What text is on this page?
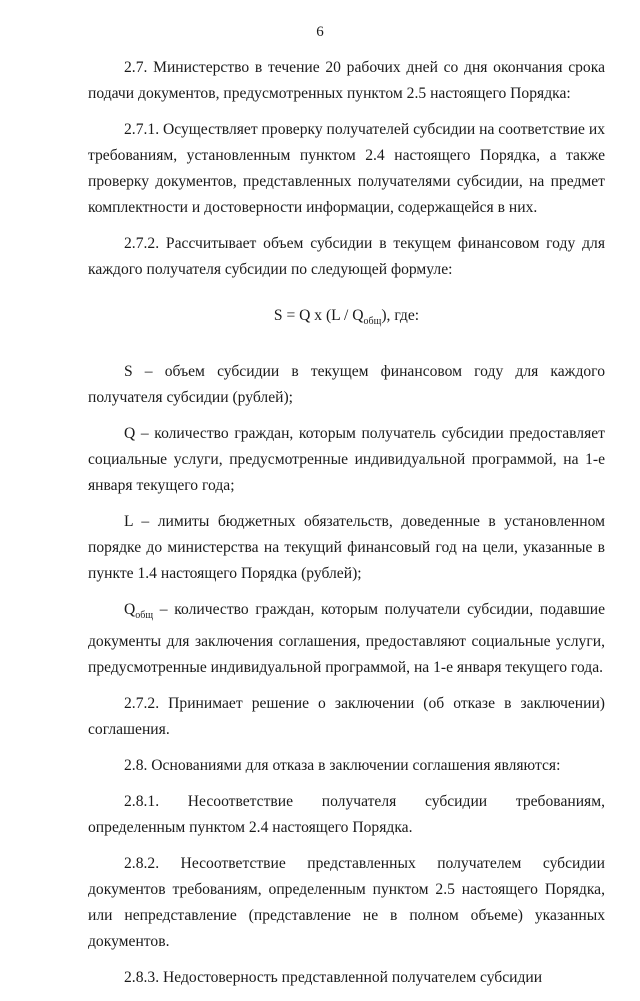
6

2.7. Министерство в течение 20 рабочих дней со дня окончания срока подачи документов, предусмотренных пунктом 2.5 настоящего Порядка:

2.7.1. Осуществляет проверку получателей субсидии на соответствие их требованиям, установленным пунктом 2.4 настоящего Порядка, а также проверку документов, представленных получателями субсидии, на предмет комплектности и достоверности информации, содержащейся в них.

2.7.2. Рассчитывает объем субсидии в текущем финансовом году для каждого получателя субсидии по следующей формуле:

S = Q x $(L / Q_{общ})$, где:

S – объем субсидии в текущем финансовом году для каждого получателя субсидии (рублей);

Q – количество граждан, которым получатель субсидии предоставляет социальные услуги, предусмотренные индивидуальной программой, на 1-е января текущего года;

L – лимиты бюджетных обязательств, доведенные в установленном порядке до министерства на текущий финансовый год на цели, указанные в пункте 1.4 настоящего Порядка (рублей);

$Q_{общ}$ – количество граждан, которым получатели субсидии, подавшие документы для заключения соглашения, предоставляют социальные услуги, предусмотренные индивидуальной программой, на 1-е января текущего года.

2.7.2. Принимает решение о заключении (об отказе в заключении) соглашения.

2.8. Основаниями для отказа в заключении соглашения являются:

2.8.1. Несоответствие получателя субсидии требованиям, определенным пунктом 2.4 настоящего Порядка.

2.8.2. Несоответствие представленных получателем субсидии документов требованиям, определенным пунктом 2.5 настоящего Порядка, или непредставление (представление не в полном объеме) указанных документов.

2.8.3. Недостоверность представленной получателем субсидии
